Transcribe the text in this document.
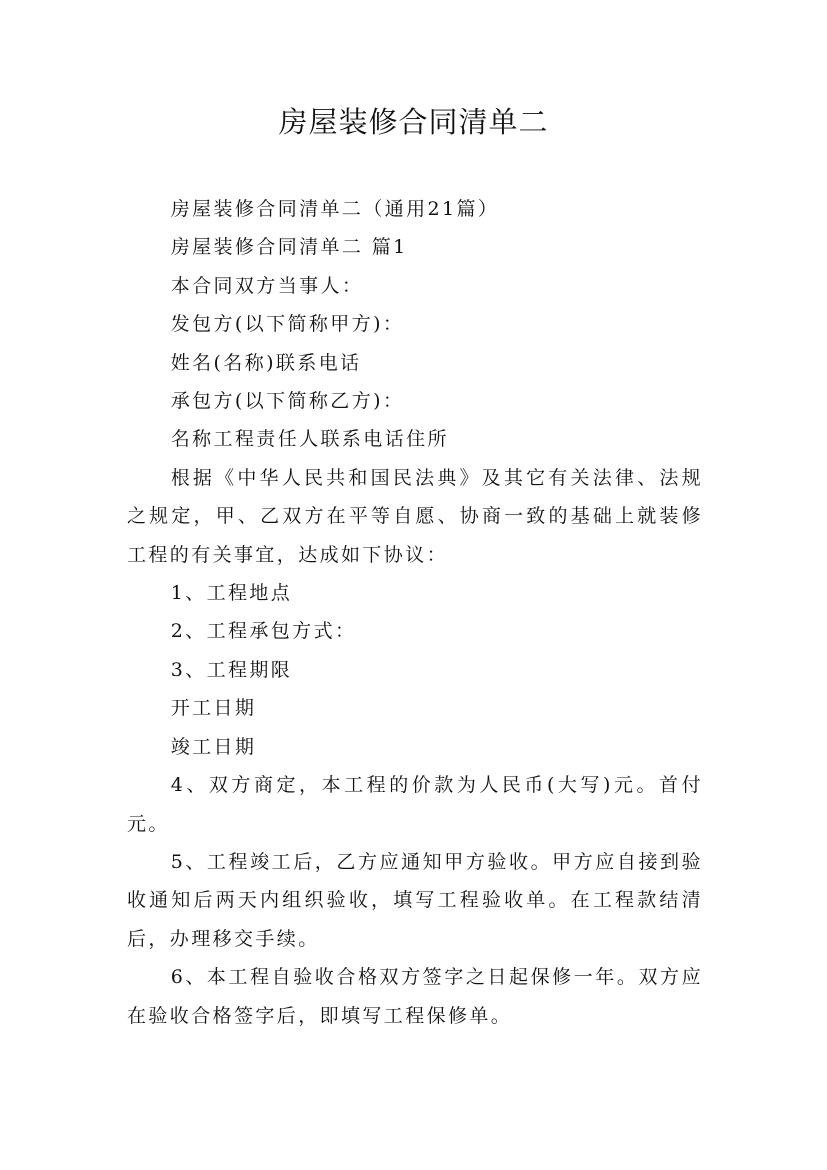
房屋装修合同清单二

房屋装修合同清单二（通用21篇）

房屋装修合同清单二 篇1

本合同双方当事人：

发包方(以下简称甲方)：

姓名(名称)联系电话

承包方(以下简称乙方)：

名称工程责任人联系电话住所

根据《中华人民共和国民法典》及其它有关法律、法规之规定，甲、乙双方在平等自愿、协商一致的基础上就装修工程的有关事宜，达成如下协议：

1、工程地点

2、工程承包方式：

3、工程期限

开工日期

竣工日期

4、双方商定，本工程的价款为人民币(大写)元。首付元。

5、工程竣工后，乙方应通知甲方验收。甲方应自接到验收通知后两天内组织验收，填写工程验收单。在工程款结清后，办理移交手续。

6、本工程自验收合格双方签字之日起保修一年。双方应在验收合格签字后，即填写工程保修单。
